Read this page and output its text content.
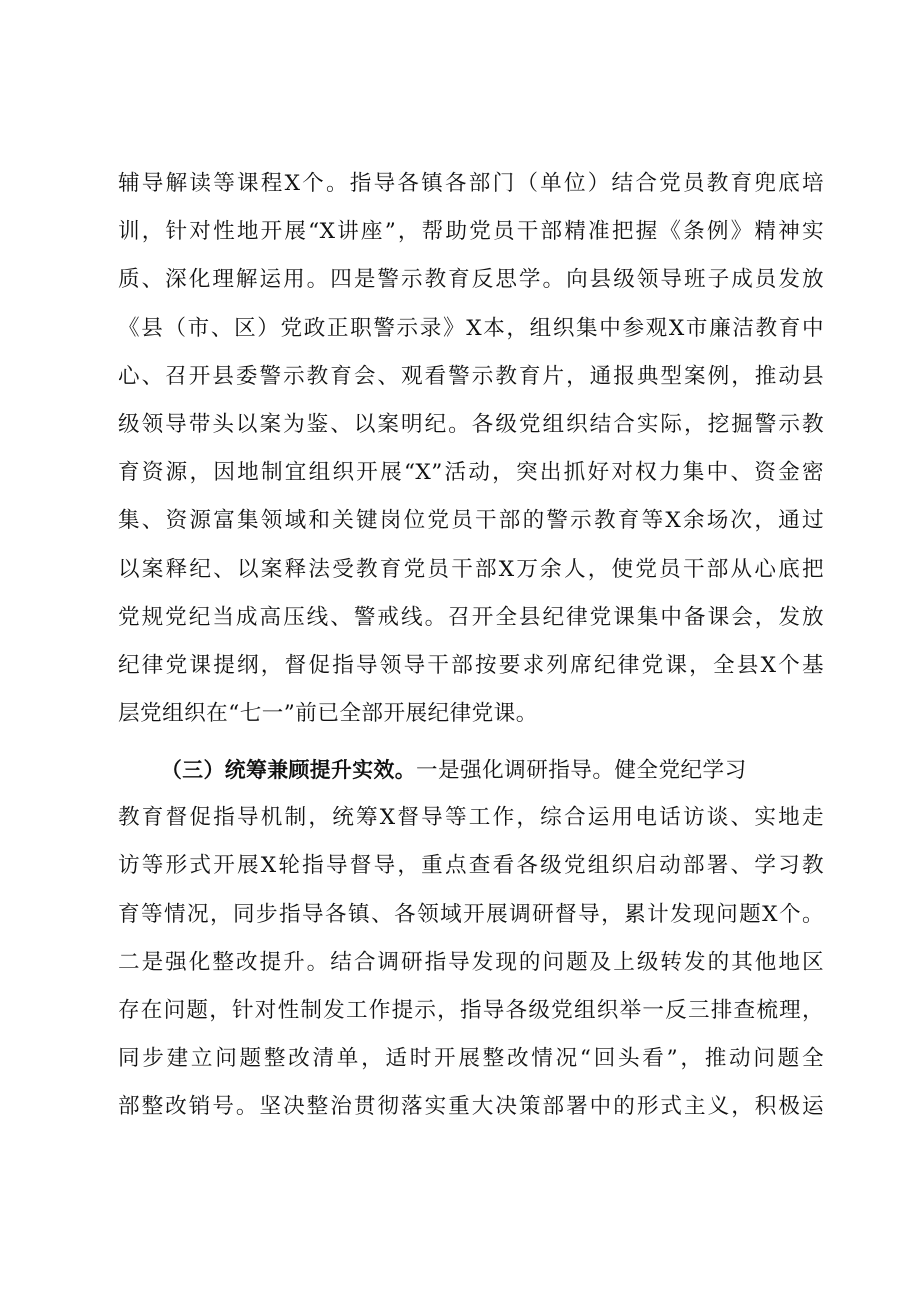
辅导解读等课程X个。指导各镇各部门（单位）结合党员教育兜底培
训，针对性地开展“X讲座”，帮助党员干部精准把握《条例》精神实
质、深化理解运用。四是警示教育反思学。向县级领导班子成员发放
《县（市、区）党政正职警示录》X本，组织集中参观X市廉洁教育中
心、召开县委警示教育会、观看警示教育片，通报典型案例，推动县
级领导带头以案为鉴、以案明纪。各级党组织结合实际，挖掘警示教
育资源，因地制宜组织开展“X”活动，突出抓好对权力集中、资金密
集、资源富集领域和关键岗位党员干部的警示教育等X余场次，通过
以案释纪、以案释法受教育党员干部X万余人，使党员干部从心底把
党规党纪当成高压线、警戒线。召开全县纪律党课集中备课会，发放
纪律党课提纲，督促指导领导干部按要求列席纪律党课，全县X个基
层党组织在“七一”前已全部开展纪律党课。
（三）统筹兼顾提升实效。一是强化调研指导。健全党纪学习
教育督促指导机制，统筹X督导等工作，综合运用电话访谈、实地走
访等形式开展X轮指导督导，重点查看各级党组织启动部署、学习教
育等情况，同步指导各镇、各领域开展调研督导，累计发现问题X个。
二是强化整改提升。结合调研指导发现的问题及上级转发的其他地区
存在问题，针对性制发工作提示，指导各级党组织举一反三排查梳理，
同步建立问题整改清单，适时开展整改情况“回头看”，推动问题全
部整改销号。坚决整治贯彻落实重大决策部署中的形式主义，积极运
